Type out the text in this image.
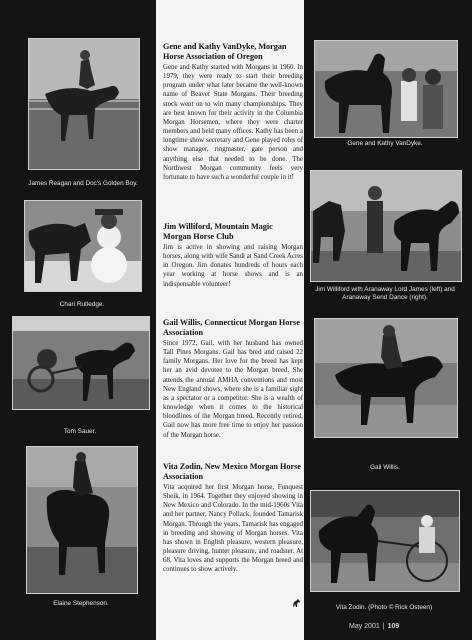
James Reagan and Doc's Golden Boy.
Chari Rutledge.
Tom Sauer.
Elaine Stephenson.
Gene and Kathy VanDyke, Morgan Horse Association of Oregon

Gene and Kathy started with Morgans in 1960. In 1979, they were ready to start their breeding program under what later became the well-known name of Beaver State Morgans. Their breeding stock went on to win many championships. They are best known for their activity in the Columbia Morgan Horsemen, where they were charter members and held many offices. Kathy has been a longtime show secretary and Gene played roles of show manager, ringmaster, gate person and anything else that needed to be done. The Northwest Morgan community feels very fortunate to have such a wonderful couple in it!

Jim Williford, Mountain Magic Morgan Horse Club

Jim is active in showing and raising Morgan horses, along with wife Sandi at Sand Creek Acres in Oregon. Jim donates hundreds of hours each year working at horse shows and is an indispensable volunteer!

Gail Willis, Connecticut Morgan Horse Association

Since 1972, Gail, with her husband has owned Tall Pines Morgans. Gail has bred and raised 22 family Morgans. Her love for the breed has kept her an avid devotee to the Morgan breed. She attends the annual AMHA conventions and most New England shows, where she is a familiar sight as a spectator or a competitor. She is a wealth of knowledge when it comes to the historical bloodlines of the Morgan breed. Recently retired, Gail now has more free time to enjoy her passion of the Morgan horse.

Vita Zodin, New Mexico Morgan Horse Association

Vita acquired her first Morgan horse, Funquest Sheik, in 1964. Together they enjoyed showing in New Mexico and Colorado. In the mid-1960s Vita and her partner, Nancy Pollack, founded Tamarisk Morgan. Through the years, Tamarisk has engaged in breeding and showing of Morgan horses. Vita has shown in English pleasure, western pleasure, pleasure driving, hunter pleasure, and roadster. At 68, Vita loves and supports the Morgan breed and continues to show actively.

Gene and Kathy VanDyke.
Jim Williford with Aranaway Lord James (left) and Aranaway Send Dance (right).
Gail Willis.
Vita Zodin. (Photo © Rick Osteen)
May 2001 | 109
